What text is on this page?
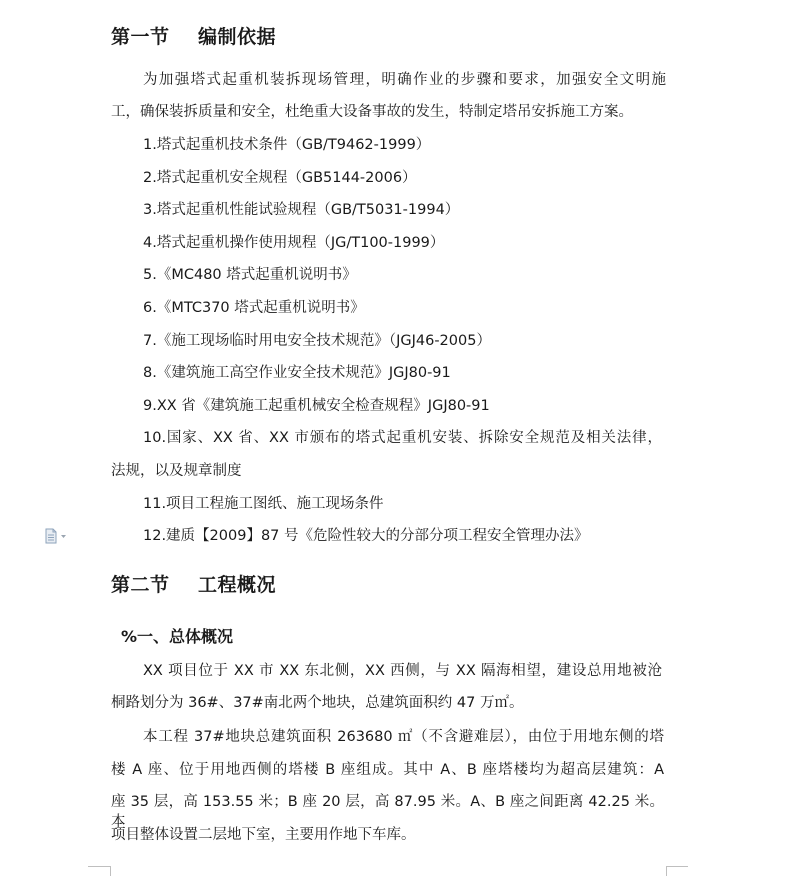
第一节    编制依据
为加强塔式起重机装拆现场管理，明确作业的步骤和要求，加强安全文明施
工，确保装拆质量和安全，杜绝重大设备事故的发生，特制定塔吊安拆施工方案。
1.塔式起重机技术条件（GB/T9462-1999）
2.塔式起重机安全规程（GB5144-2006）
3.塔式起重机性能试验规程（GB/T5031-1994）
4.塔式起重机操作使用规程（JG/T100-1999）
5.《MC480 塔式起重机说明书》
6.《MTC370 塔式起重机说明书》
7.《施工现场临时用电安全技术规范》（JGJ46-2005）
8.《建筑施工高空作业安全技术规范》JGJ80-91
9.XX 省《建筑施工起重机械安全检查规程》JGJ80-91
10.国家、XX 省、XX 市颁布的塔式起重机安装、拆除安全规范及相关法律，
法规，以及规章制度
11.项目工程施工图纸、施工现场条件
12.建质【2009】87 号《危险性较大的分部分项工程安全管理办法》
第二节    工程概况
%一、总体概况
XX 项目位于 XX 市 XX 东北侧，XX 西侧，与 XX 隔海相望，建设总用地被沧
桐路划分为 36#、37#南北两个地块，总建筑面积约 47 万㎡。
本工程 37#地块总建筑面积 263680 ㎡（不含避难层），由位于用地东侧的塔
楼 A 座、位于用地西侧的塔楼 B 座组成。其中 A、B 座塔楼均为超高层建筑：A
座 35 层，高 153.55 米；B 座 20 层，高 87.95 米。A、B 座之间距离 42.25 米。本
项目整体设置二层地下室，主要用作地下车库。
